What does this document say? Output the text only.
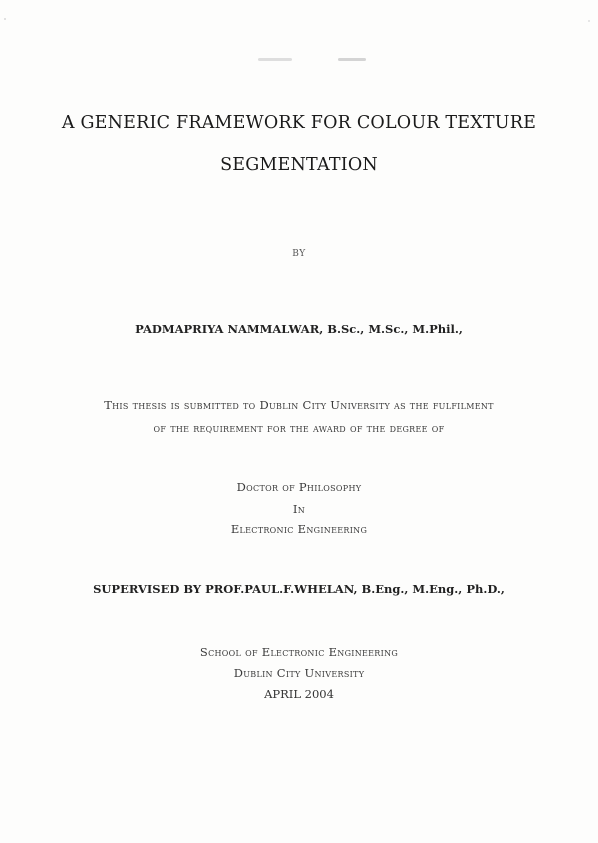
A GENERIC FRAMEWORK FOR COLOUR TEXTURE
SEGMENTATION
BY
PADMAPRIYA NAMMALWAR, B.Sc., M.Sc., M.Phil.,
This thesis is submitted to Dublin City University as the fulfilment
of the requirement for the award of the degree of
Doctor of Philosophy
In
Electronic Engineering
SUPERVISED BY PROF.PAUL.F.WHELAN, B.Eng., M.Eng., Ph.D.,
School of Electronic Engineering
Dublin City University
APRIL 2004
